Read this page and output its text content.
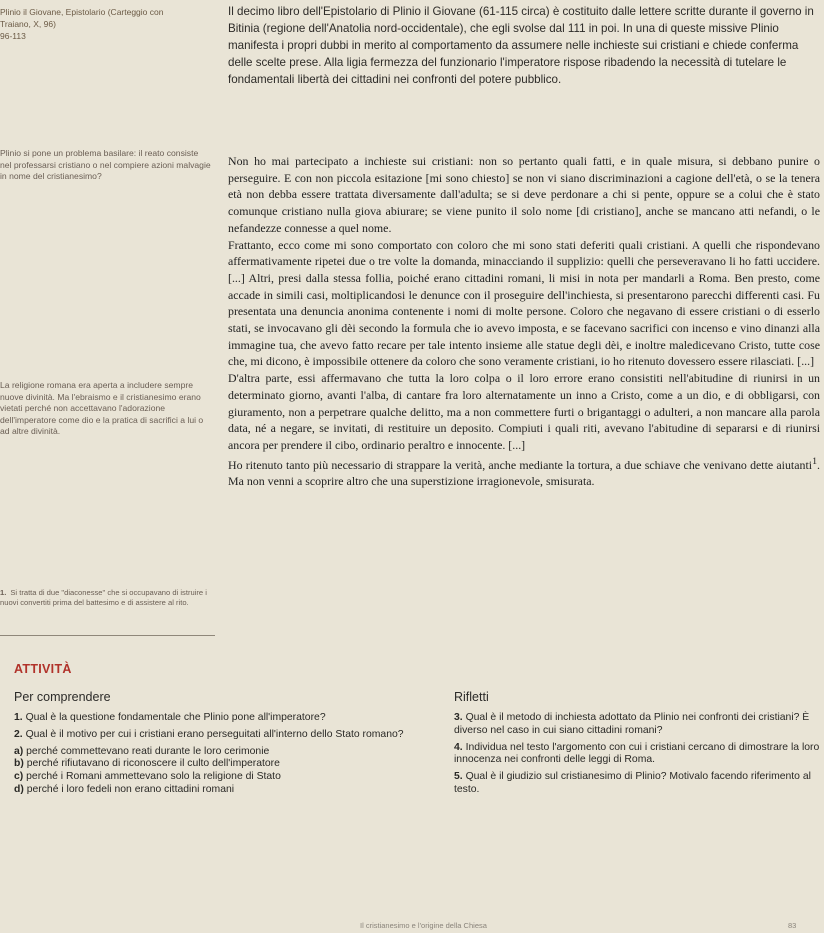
Plinio il Giovane, Epistolario (Carteggio con
Traiano, X, 96)
96-113

Il decimo libro dell'Epistolario di Plinio il Giovane (61-115 circa) è costituito dalle lettere scritte durante il governo in Bitinia (regione dell'Anatolia nord-occidentale), che egli svolse dal 111 in poi. In una di queste missive Plinio manifesta i propri dubbi in merito al comportamento da assumere nelle inchieste sui cristiani e chiede conferma delle scelte prese. Alla ligia fermezza del funzionario l'imperatore rispose ribadendo la necessità di tutelare le fondamentali libertà dei cittadini nei confronti del potere pubblico.

Plinio si pone un problema basilare: il reato consiste nel professarsi cristiano o nel compiere azioni malvagie in nome del cristianesimo?

La religione romana era aperta a includere sempre nuove divinità. Ma l'ebraismo e il cristianesimo erano vietati perché non accettavano l'adorazione dell'imperatore come dio e la pratica di sacrifici a lui o ad altre divinità.

1. Si tratta di due "diaconesse" che si occupavano di istruire i nuovi convertiti prima del battesimo e di assistere al rito.

Non ho mai partecipato a inchieste sui cristiani: non so pertanto quali fatti, e in quale misura, si debbano punire o perseguire. E con non piccola esitazione [mi sono chiesto] se non vi siano discriminazioni a cagione dell'età, o se la tenera età non debba essere trattata diversamente dall'adulta; se si deve perdonare a chi si pente, oppure se a colui che è stato comunque cristiano nulla giova abiurare; se viene punito il solo nome [di cristiano], anche se mancano atti nefandi, o le nefandezze connesse a quel nome.

Frattanto, ecco come mi sono comportato con coloro che mi sono stati deferiti quali cristiani. A quelli che rispondevano affermativamente ripetei due o tre volte la domanda, minacciando il supplizio: quelli che perseveravano li ho fatti uccidere. [...] Altri, presi dalla stessa follia, poiché erano cittadini romani, li misi in nota per mandarli a Roma. Ben presto, come accade in simili casi, moltiplicandosi le denunce con il proseguire dell'inchiesta, si presentarono parecchi differenti casi. Fu presentata una denuncia anonima contenente i nomi di molte persone. Coloro che negavano di essere cristiani o di esserlo stati, se invocavano gli dèi secondo la formula che io avevo imposta, e se facevano sacrifici con incenso e vino dinanzi alla immagine tua, che avevo fatto recare per tale intento insieme alle statue degli dèi, e inoltre maledicevano Cristo, tutte cose che, mi dicono, è impossibile ottenere da coloro che sono veramente cristiani, io ho ritenuto dovessero essere rilasciati. [...]

D'altra parte, essi affermavano che tutta la loro colpa o il loro errore erano consistiti nell'abitudine di riunirsi in un determinato giorno, avanti l'alba, di cantare fra loro alternatamente un inno a Cristo, come a un dio, e di obbligarsi, con giuramento, non a perpetrare qualche delitto, ma a non commettere furti o brigantaggi o adulteri, a non mancare alla parola data, né a negare, se invitati, di restituire un deposito. Compiuti i quali riti, avevano l'abitudine di separarsi e di riunirsi ancora per prendere il cibo, ordinario peraltro e innocente. [...]

Ho ritenuto tanto più necessario di strappare la verità, anche mediante la tortura, a due schiave che venivano dette aiutanti$^1$. Ma non venni a scoprire altro che una superstizione irragionevole, smisurata.

ATTIVITÀ
Per comprendere	Rifletti
1. Qual è la questione fondamentale che Plinio pone all'imperatore?
2. Qual è il motivo per cui i cristiani erano perseguitati all'interno dello Stato romano?
a) perché commettevano reati durante le loro cerimonie
b) perché rifiutavano di riconoscere il culto dell'imperatore
c) perché i Romani ammettevano solo la religione di Stato
d) perché i loro fedeli non erano cittadini romani
3. Qual è il metodo di inchiesta adottato da Plinio nei confronti dei cristiani? È diverso nel caso in cui siano cittadini romani?
4. Individua nel testo l'argomento con cui i cristiani cercano di dimostrare la loro innocenza nei confronti delle leggi di Roma.
5. Qual è il giudizio sul cristianesimo di Plinio? Motivalo facendo riferimento al testo.
Il cristianesimo e l'origine della Chiesa	83
